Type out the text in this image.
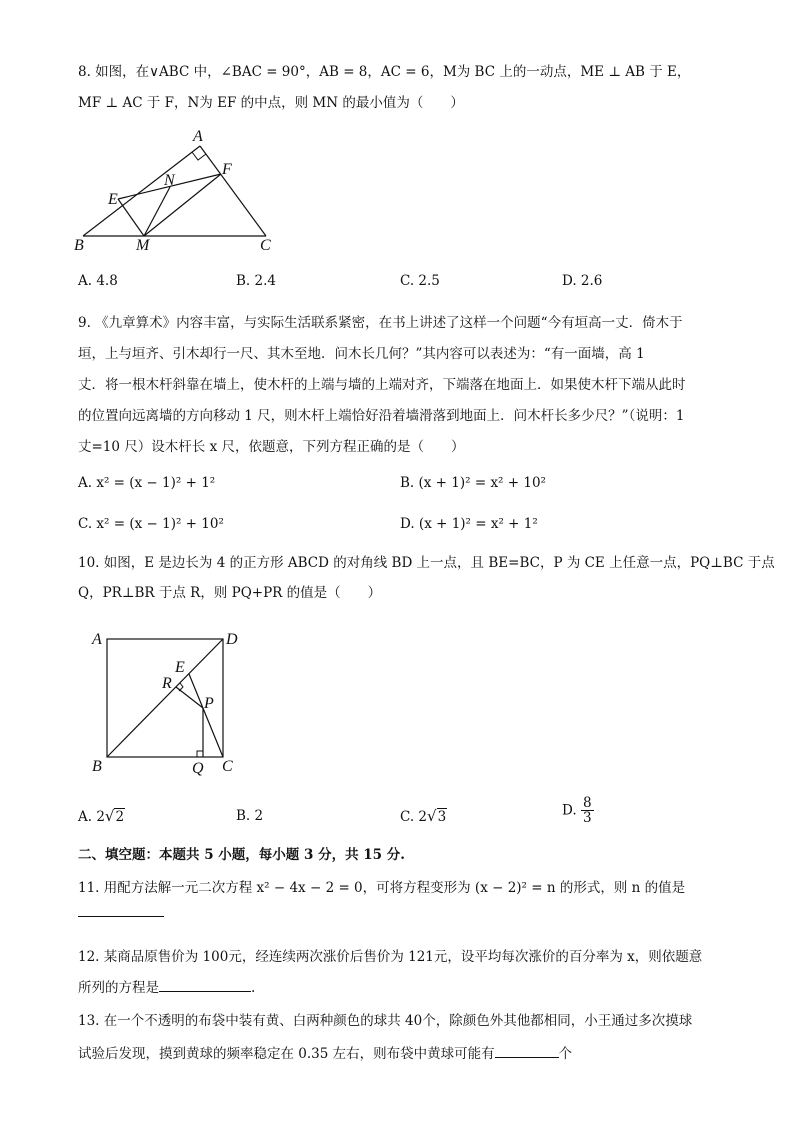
8. 如图，在∨ABC 中，∠BAC = 90°，AB = 8，AC = 6，M为 BC 上的一动点，ME ⊥ AB 于 E，
MF ⊥ AC 于 F，N为 EF 的中点，则 MN 的最小值为（　　）
A
B	C
E
F
M
N
A. 4.8	B. 2.4	C. 2.5	D. 2.6
9. 《九章算术》内容丰富，与实际生活联系紧密，在书上讲述了这样一个问题“今有垣高一丈．倚木于
垣，上与垣齐、引木却行一尺、其木至地．问木长几何？”其内容可以表述为：“有一面墙，高 1
丈．将一根木杆斜靠在墙上，使木杆的上端与墙的上端对齐，下端落在地面上．如果使木杆下端从此时
的位置向远离墙的方向移动 1 尺，则木杆上端恰好沿着墙滑落到地面上．问木杆长多少尺？”（说明：1
丈=10 尺）设木杆长 x 尺，依题意，下列方程正确的是（　　）
A. x² = (x − 1)² + 1²	B. (x + 1)² = x² + 10²
C. x² = (x − 1)² + 10²	D. (x + 1)² = x² + 1²
10. 如图，E 是边长为 4 的正方形 ABCD 的对角线 BD 上一点，且 BE=BC，P 为 CE 上任意一点，PQ⊥BC 于点
Q，PR⊥BR 于点 R，则 PQ+PR 的值是（　　）
A	D
B	C
E
R
P
Q
A. 2√2	B. 2	C. 2√3	D. $\frac{8}{3}$
二、填空题：本题共 5 小题，每小题 3 分，共 15 分.
11. 用配方法解一元二次方程 x² − 4x − 2 = 0，可将方程变形为 (x − 2)² = n 的形式，则 n 的值是
12. 某商品原售价为 100元，经连续两次涨价后售价为 121元，设平均每次涨价的百分率为 x，则依题意
所列的方程是	.
13. 在一个不透明的布袋中装有黄、白两种颜色的球共 40个，除颜色外其他都相同，小王通过多次摸球
试验后发现，摸到黄球的频率稳定在 0.35 左右，则布袋中黄球可能有	个
